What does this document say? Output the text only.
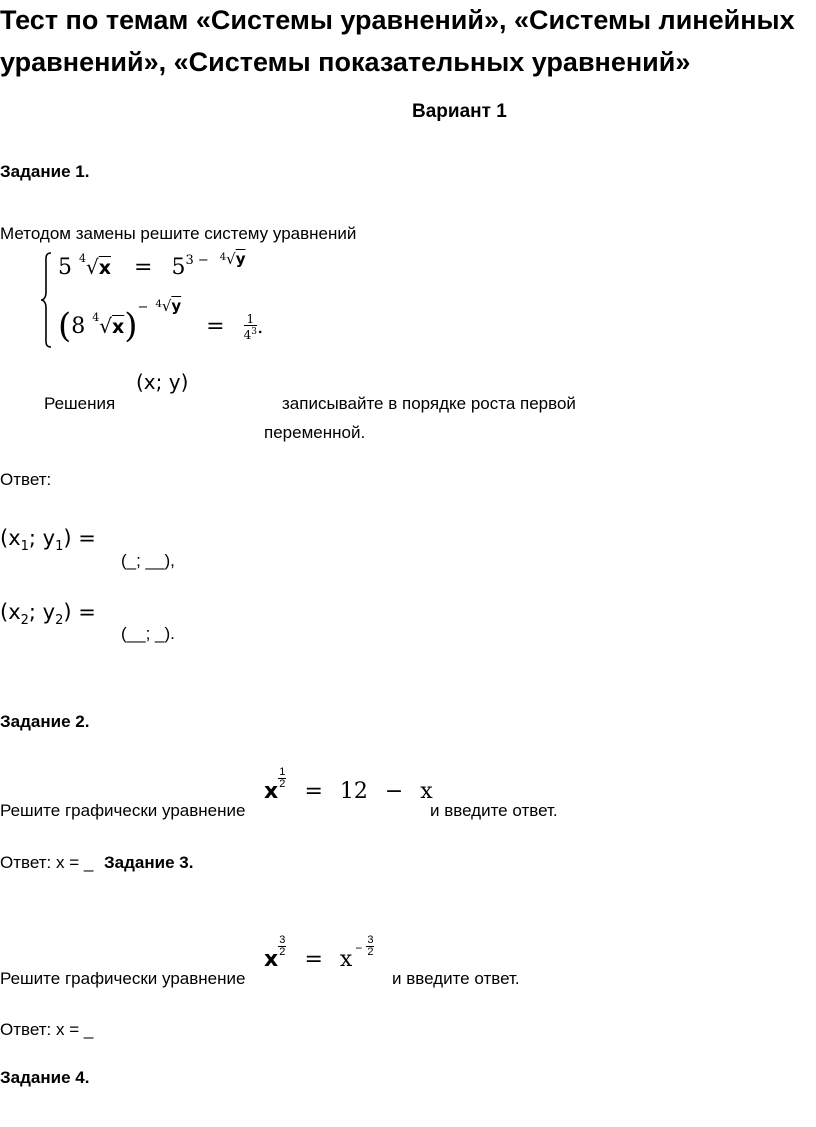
Тест по темам «Системы уравнений», «Системы линейных
уравнений», «Системы показательных уравнений»
Вариант 1
Задание 1.
Методом замены решите систему уравнений
5 $^4√x = 5^{3 -}$ $^{4√y}$
(8 $^4$√x)− $^{4√y} = \frac{1}{4^3}$ .
(x; y)
Решения	записывайте в порядке роста первой
переменной.
Ответ:
($x_1$; $y_1$) =
(_; __),
($x_2$; $y_2$) =
(__; _).
Задание 2.
Решите графически уравнение
x
$\frac{1}{2}$
= 12 − x
и введите ответ.
Ответ: x = _ Задание 3.
Решите графически уравнение
x
$\frac{3}{2}$
= x $^- \frac{3}{2}$
и введите ответ.
Ответ: x = _
Задание 4.
